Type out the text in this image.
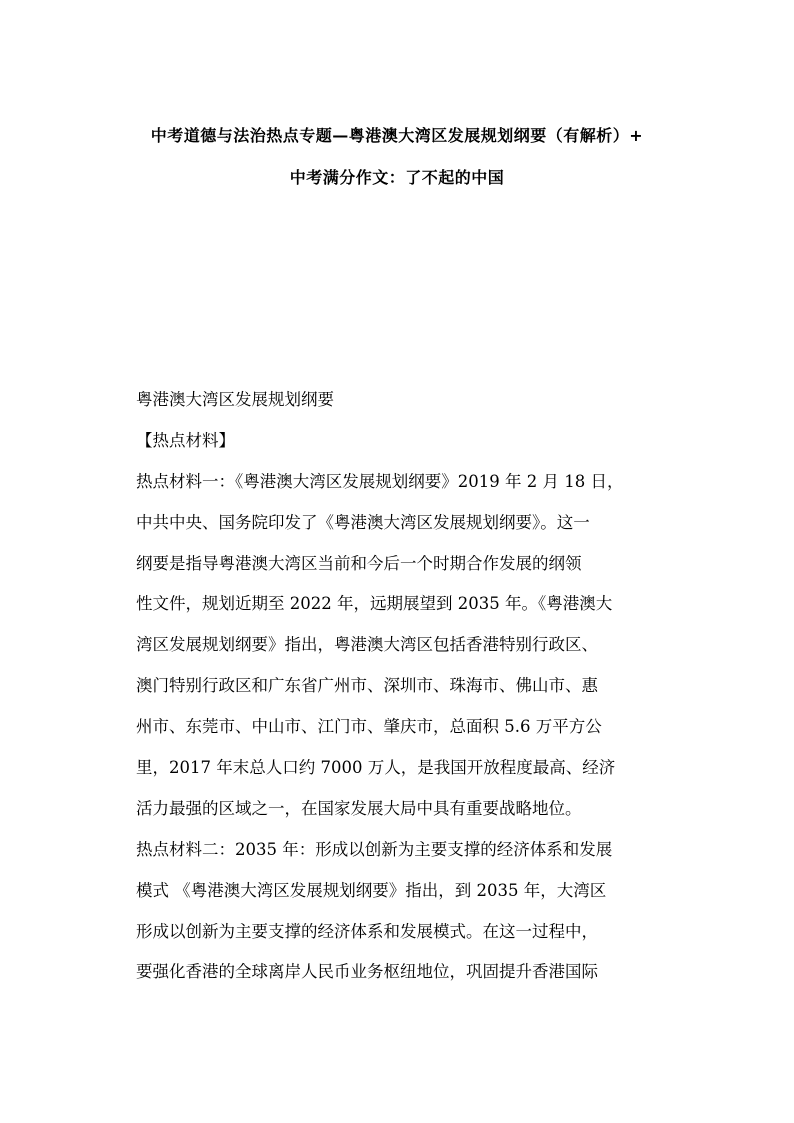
中考道德与法治热点专题—粤港澳大湾区发展规划纲要（有解析）+
中考满分作文：了不起的中国

粤港澳大湾区发展规划纲要

【热点材料】

热点材料一：《粤港澳大湾区发展规划纲要》2019 年 2 月 18 日，

中共中央、国务院印发了《粤港澳大湾区发展规划纲要》。这一

纲要是指导粤港澳大湾区当前和今后一个时期合作发展的纲领

性文件，规划近期至 2022 年，远期展望到 2035 年。《粤港澳大

湾区发展规划纲要》指出，粤港澳大湾区包括香港特别行政区、

澳门特别行政区和广东省广州市、深圳市、珠海市、佛山市、惠

州市、东莞市、中山市、江门市、肇庆市，总面积 5.6 万平方公

里，2017 年末总人口约 7000 万人，是我国开放程度最高、经济

活力最强的区域之一，在国家发展大局中具有重要战略地位。

热点材料二：2035 年：形成以创新为主要支撑的经济体系和发展

模式 《粤港澳大湾区发展规划纲要》指出，到 2035 年，大湾区

形成以创新为主要支撑的经济体系和发展模式。在这一过程中，

要强化香港的全球离岸人民币业务枢纽地位，巩固提升香港国际
